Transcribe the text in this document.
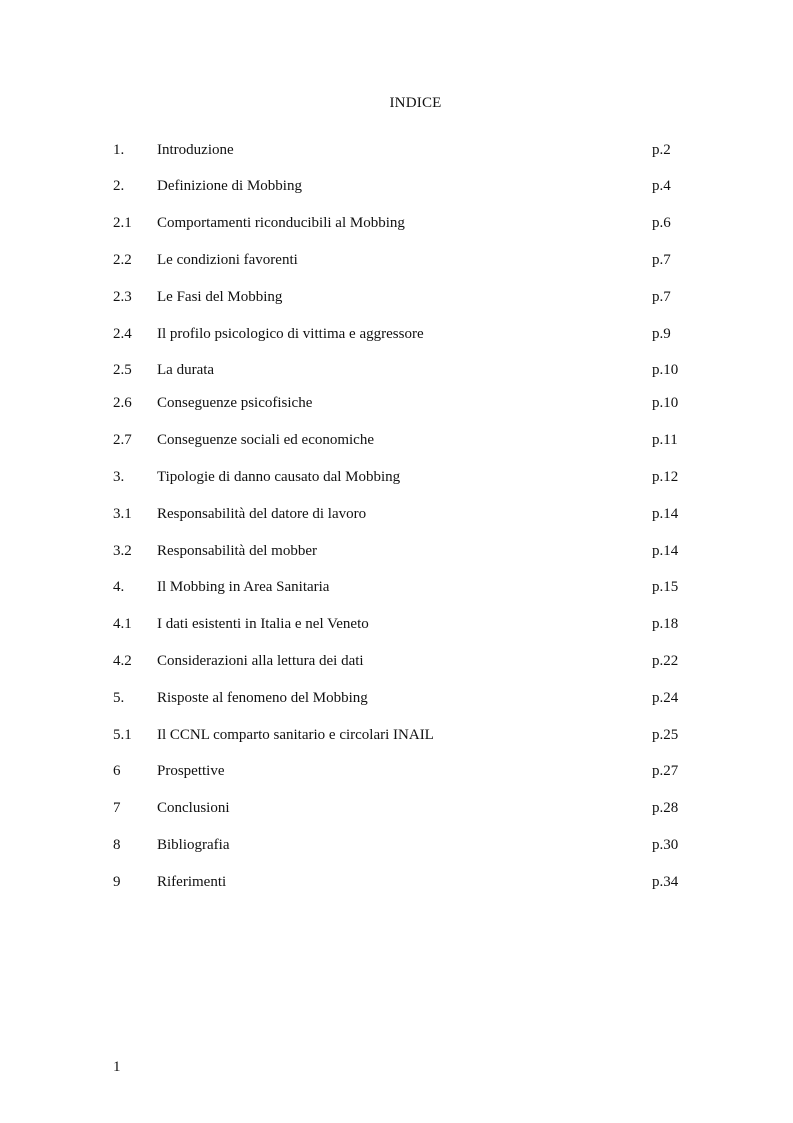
INDICE
1. Introduzione	p.2
2. Definizione di Mobbing	p.4
2.1 Comportamenti riconducibili al Mobbing	p.6
2.2 Le condizioni favorenti	p.7
2.3 Le Fasi del Mobbing	p.7
2.4 Il profilo psicologico di vittima e aggressore	p.9
2.5 La durata	p.10
2.6 Conseguenze psicofisiche	p.10
2.7 Conseguenze sociali ed economiche	p.11
3. Tipologie di danno causato dal Mobbing	p.12
3.1 Responsabilità del datore di lavoro	p.14
3.2 Responsabilità del mobber	p.14
4. Il Mobbing in Area Sanitaria	p.15
4.1 I dati esistenti in Italia e nel Veneto	p.18
4.2 Considerazioni alla lettura dei dati	p.22
5. Risposte al fenomeno del Mobbing	p.24
5.1 Il CCNL comparto sanitario e circolari INAIL	p.25
6 Prospettive	p.27
7 Conclusioni	p.28
8 Bibliografia	p.30
9 Riferimenti	p.34
1
